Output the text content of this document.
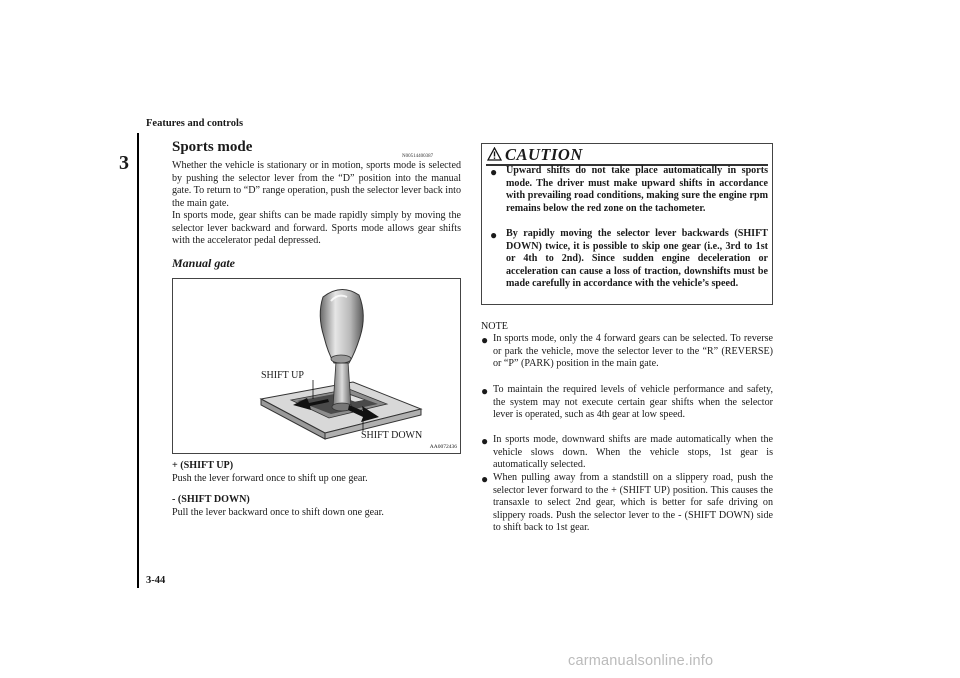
Features and controls
3
3-44
Sports mode
N00514400387
Whether the vehicle is stationary or in motion, sports mode is selected by pushing the selector lever from the “D” position into the manual gate. To return to “D” range operation, push the selector lever back into the main gate.
In sports mode, gear shifts can be made rapidly simply by moving the selector lever backward and forward. Sports mode allows gear shifts with the accelerator pedal depressed.
Manual gate
SHIFT UP
SHIFT DOWN
AA0072436
+ (SHIFT UP)
Push the lever forward once to shift up one gear.
- (SHIFT DOWN)
Pull the lever backward once to shift down one gear.
CAUTION
● Upward shifts do not take place automatically in sports mode. The driver must make upward shifts in accordance with prevailing road conditions, making sure the engine rpm remains below the red zone on the tachometer.
● By rapidly moving the selector lever backwards (SHIFT DOWN) twice, it is possible to skip one gear (i.e., 3rd to 1st or 4th to 2nd). Since sudden engine deceleration or acceleration can cause a loss of traction, downshifts must be made carefully in accordance with the vehicle’s speed.
NOTE
● In sports mode, only the 4 forward gears can be selected. To reverse or park the vehicle, move the selector lever to the “R” (REVERSE) or “P” (PARK) position in the main gate.
● To maintain the required levels of vehicle performance and safety, the system may not execute certain gear shifts when the selector lever is operated, such as 4th gear at low speed.
● In sports mode, downward shifts are made automatically when the vehicle slows down. When the vehicle stops, 1st gear is automatically selected.
● When pulling away from a standstill on a slippery road, push the selector lever forward to the + (SHIFT UP) position. This causes the transaxle to select 2nd gear, which is better for safe driving on slippery roads. Push the selector lever to the - (SHIFT DOWN) side to shift back to 1st gear.
carmanualsonline.info
